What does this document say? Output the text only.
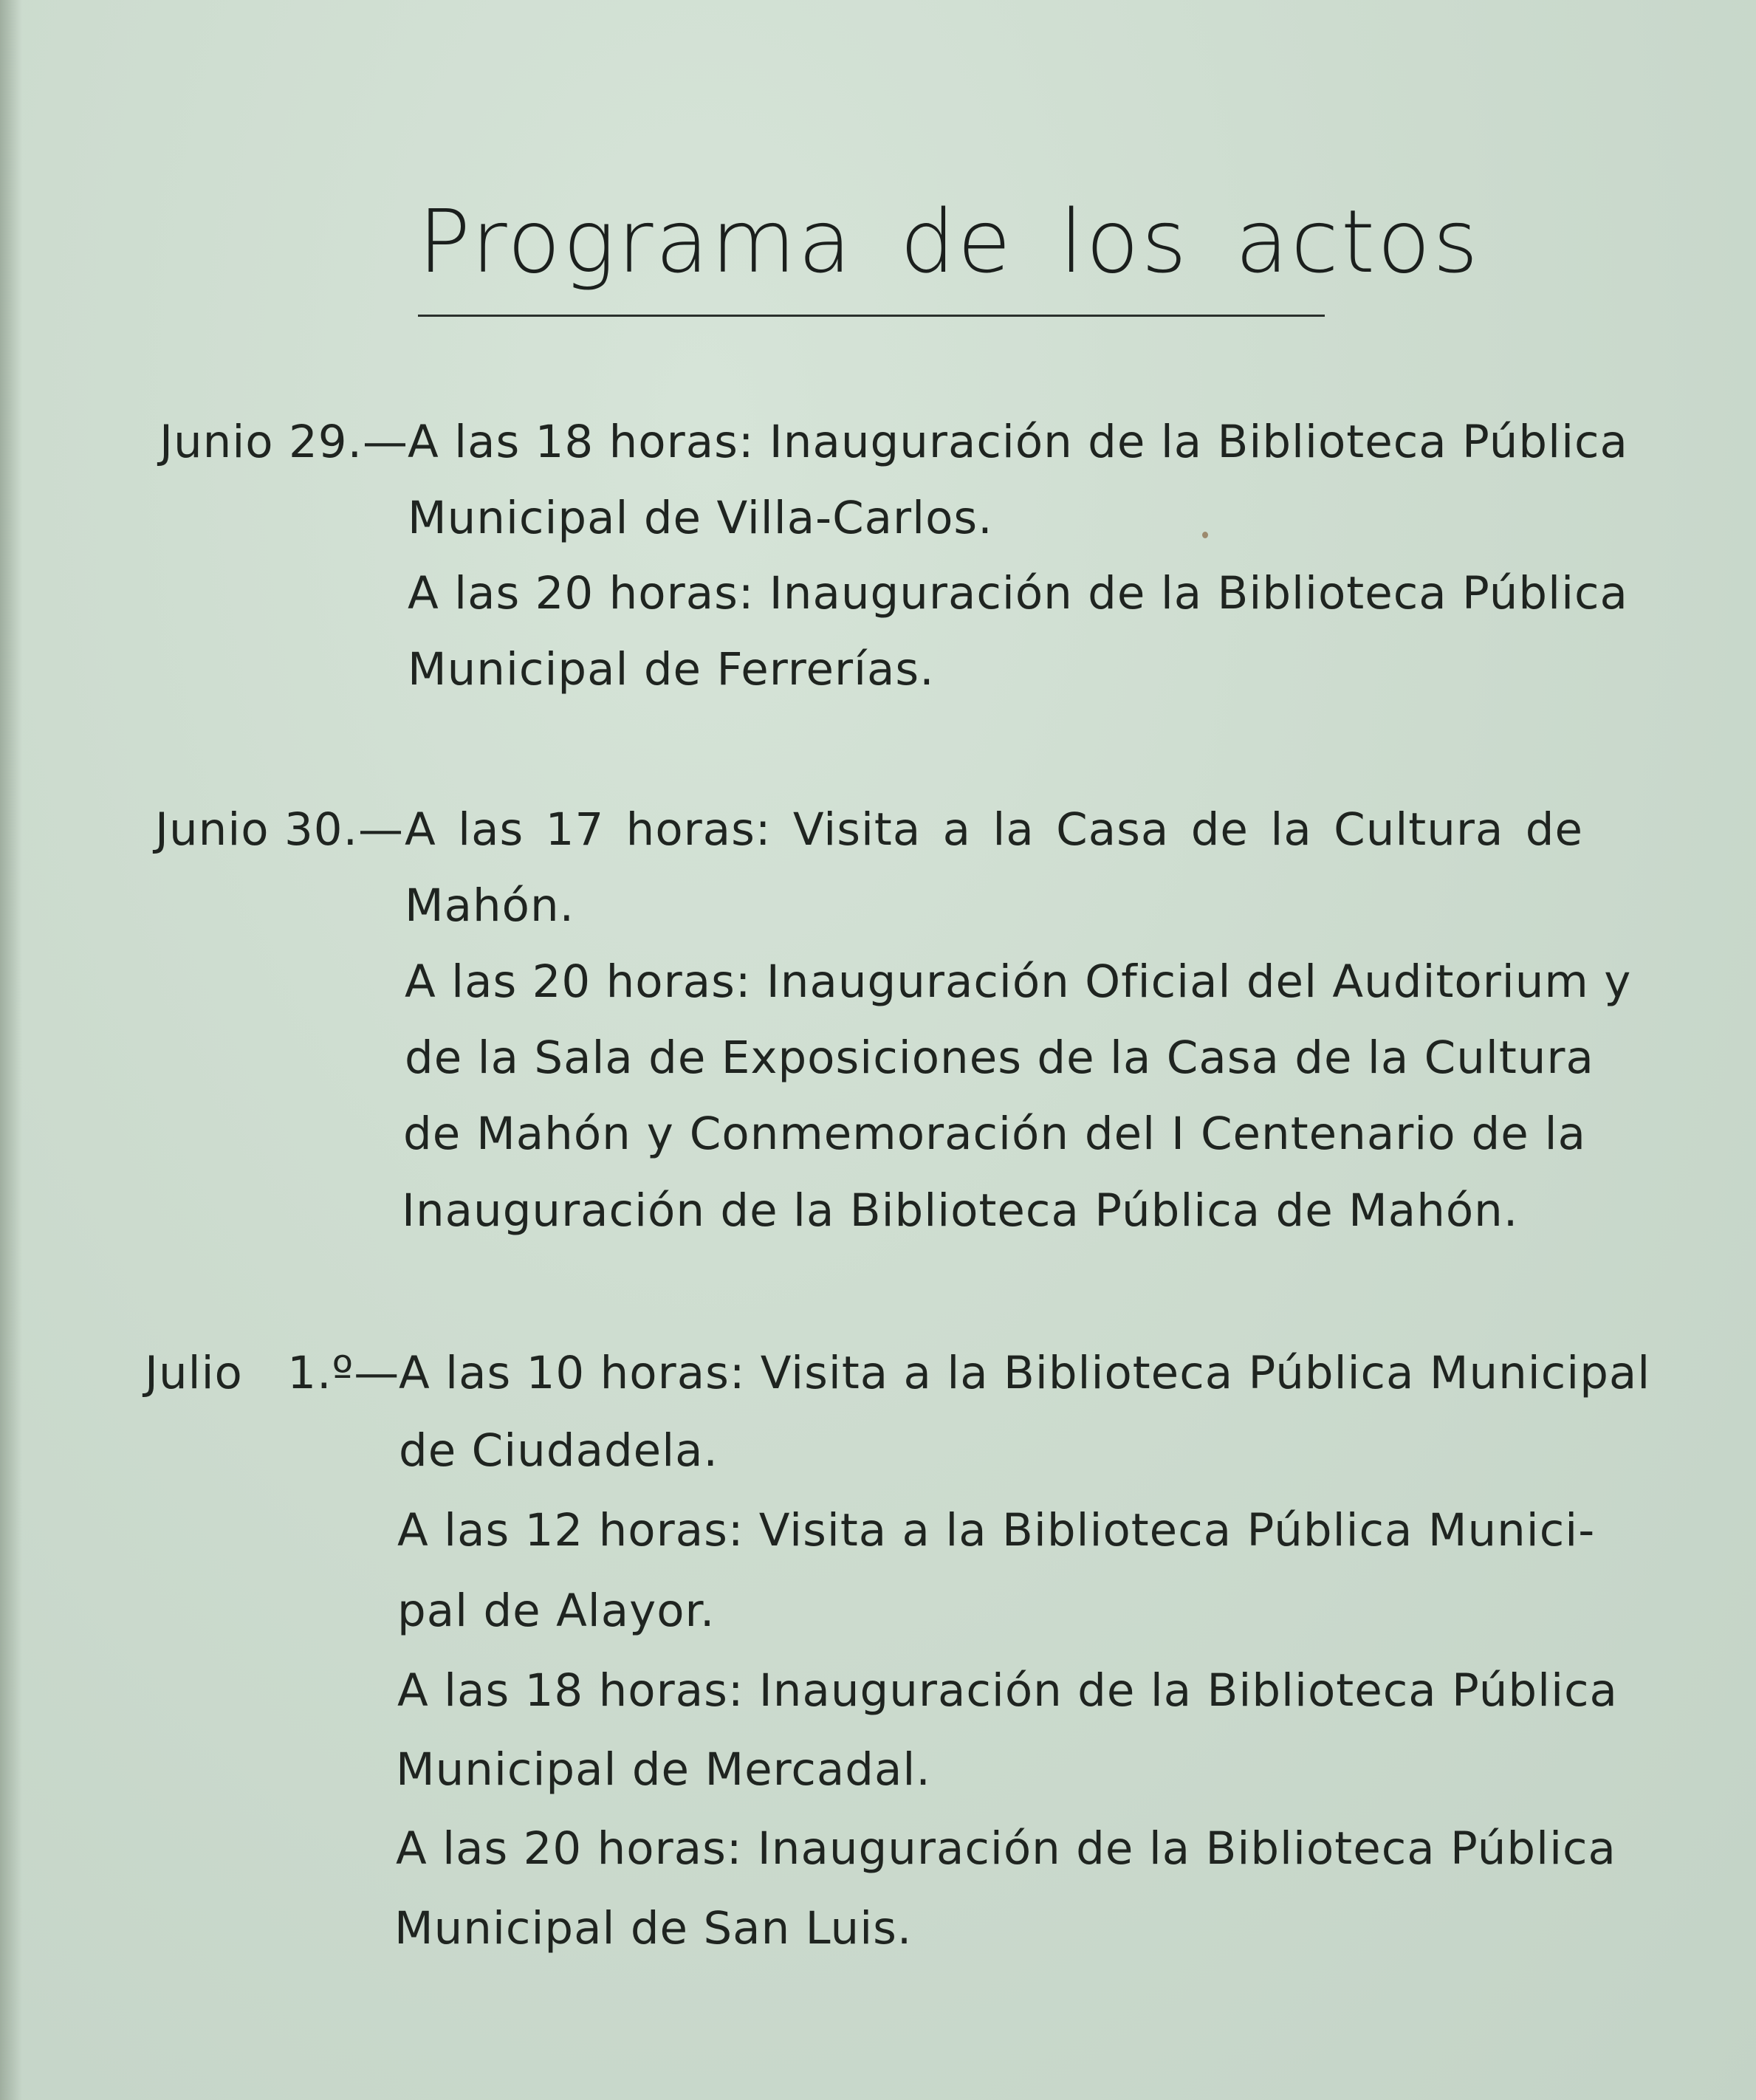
Programa de los actos
Junio 29.— A las 18 horas: Inauguración de la Biblioteca Pública
Municipal de Villa-Carlos.
A las 20 horas: Inauguración de la Biblioteca Pública
Municipal de Ferrerías.
Junio 30.— A las 17 horas: Visita a la Casa de la Cultura de
Mahón.
A las 20 horas: Inauguración Oficial del Auditorium y
de la Sala de Exposiciones de la Casa de la Cultura
de Mahón y Conmemoración del I Centenario de la
Inauguración de la Biblioteca Pública de Mahón.
Julio 1.º—
A las 10 horas: Visita a la Biblioteca Pública Municipal
de Ciudadela.
A las 12 horas: Visita a la Biblioteca Pública Munici-
pal de Alayor.
A las 18 horas: Inauguración de la Biblioteca Pública
Municipal de Mercadal.
A las 20 horas: Inauguración de la Biblioteca Pública
Municipal de San Luis.
